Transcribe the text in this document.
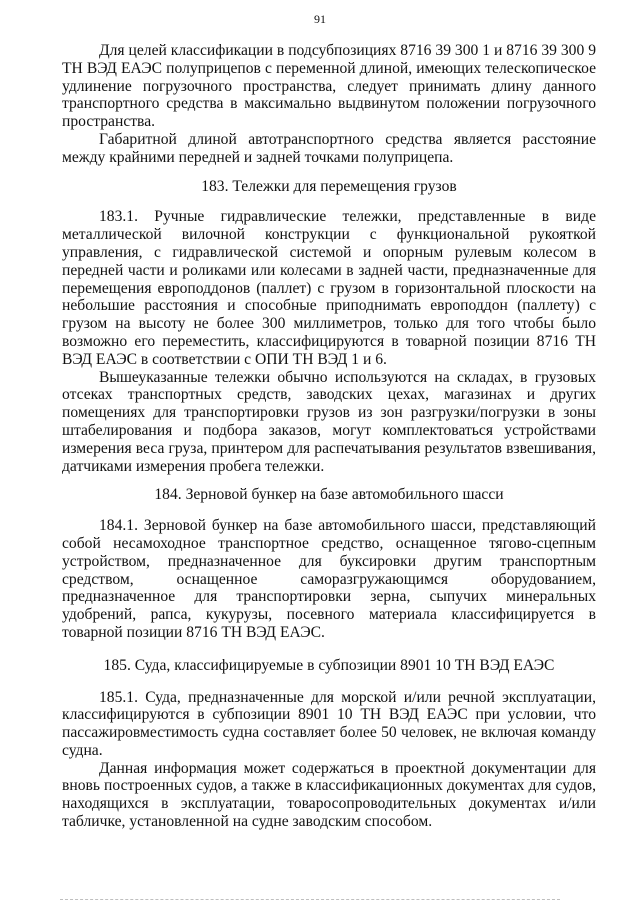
91

Для целей классификации в подсубпозициях 8716 39 300 1 и 8716 39 300 9 ТН ВЭД ЕАЭС полуприцепов с переменной длиной, имеющих телескопическое удлинение погрузочного пространства, следует принимать длину данного транспортного средства в максимально выдвинутом положении погрузочного пространства.

Габаритной длиной автотранспортного средства является расстояние между крайними передней и задней точками полуприцепа.

183. Тележки для перемещения грузов

183.1. Ручные гидравлические тележки, представленные в виде металлической вилочной конструкции с функциональной рукояткой управления, с гидравлической системой и опорным рулевым колесом в передней части и роликами или колесами в задней части, предназначенные для перемещения европоддонов (паллет) с грузом в горизонтальной плоскости на небольшие расстояния и способные приподнимать европоддон (паллету) с грузом на высоту не более 300 миллиметров, только для того чтобы было возможно его переместить, классифицируются в товарной позиции 8716 ТН ВЭД ЕАЭС в соответствии с ОПИ ТН ВЭД 1 и 6.

Вышеуказанные тележки обычно используются на складах, в грузовых отсеках транспортных средств, заводских цехах, магазинах и других помещениях для транспортировки грузов из зон разгрузки/погрузки в зоны штабелирования и подбора заказов, могут комплектоваться устройствами измерения веса груза, принтером для распечатывания результатов взвешивания, датчиками измерения пробега тележки.

184. Зерновой бункер на базе автомобильного шасси

184.1. Зерновой бункер на базе автомобильного шасси, представляющий собой несамоходное транспортное средство, оснащенное тягово-сцепным устройством, предназначенное для буксировки другим транспортным средством, оснащенное саморазгружающимся оборудованием, предназначенное для транспортировки зерна, сыпучих минеральных удобрений, рапса, кукурузы, посевного материала классифицируется в товарной позиции 8716 ТН ВЭД ЕАЭС.

185. Суда, классифицируемые в субпозиции 8901 10 ТН ВЭД ЕАЭС

185.1. Суда, предназначенные для морской и/или речной эксплуатации, классифицируются в субпозиции 8901 10 ТН ВЭД ЕАЭС при условии, что пассажировместимость судна составляет более 50 человек, не включая команду судна.

Данная информация может содержаться в проектной документации для вновь построенных судов, а также в классификационных документах для судов, находящихся в эксплуатации, товаросопроводительных документах и/или табличке, установленной на судне заводским способом.
